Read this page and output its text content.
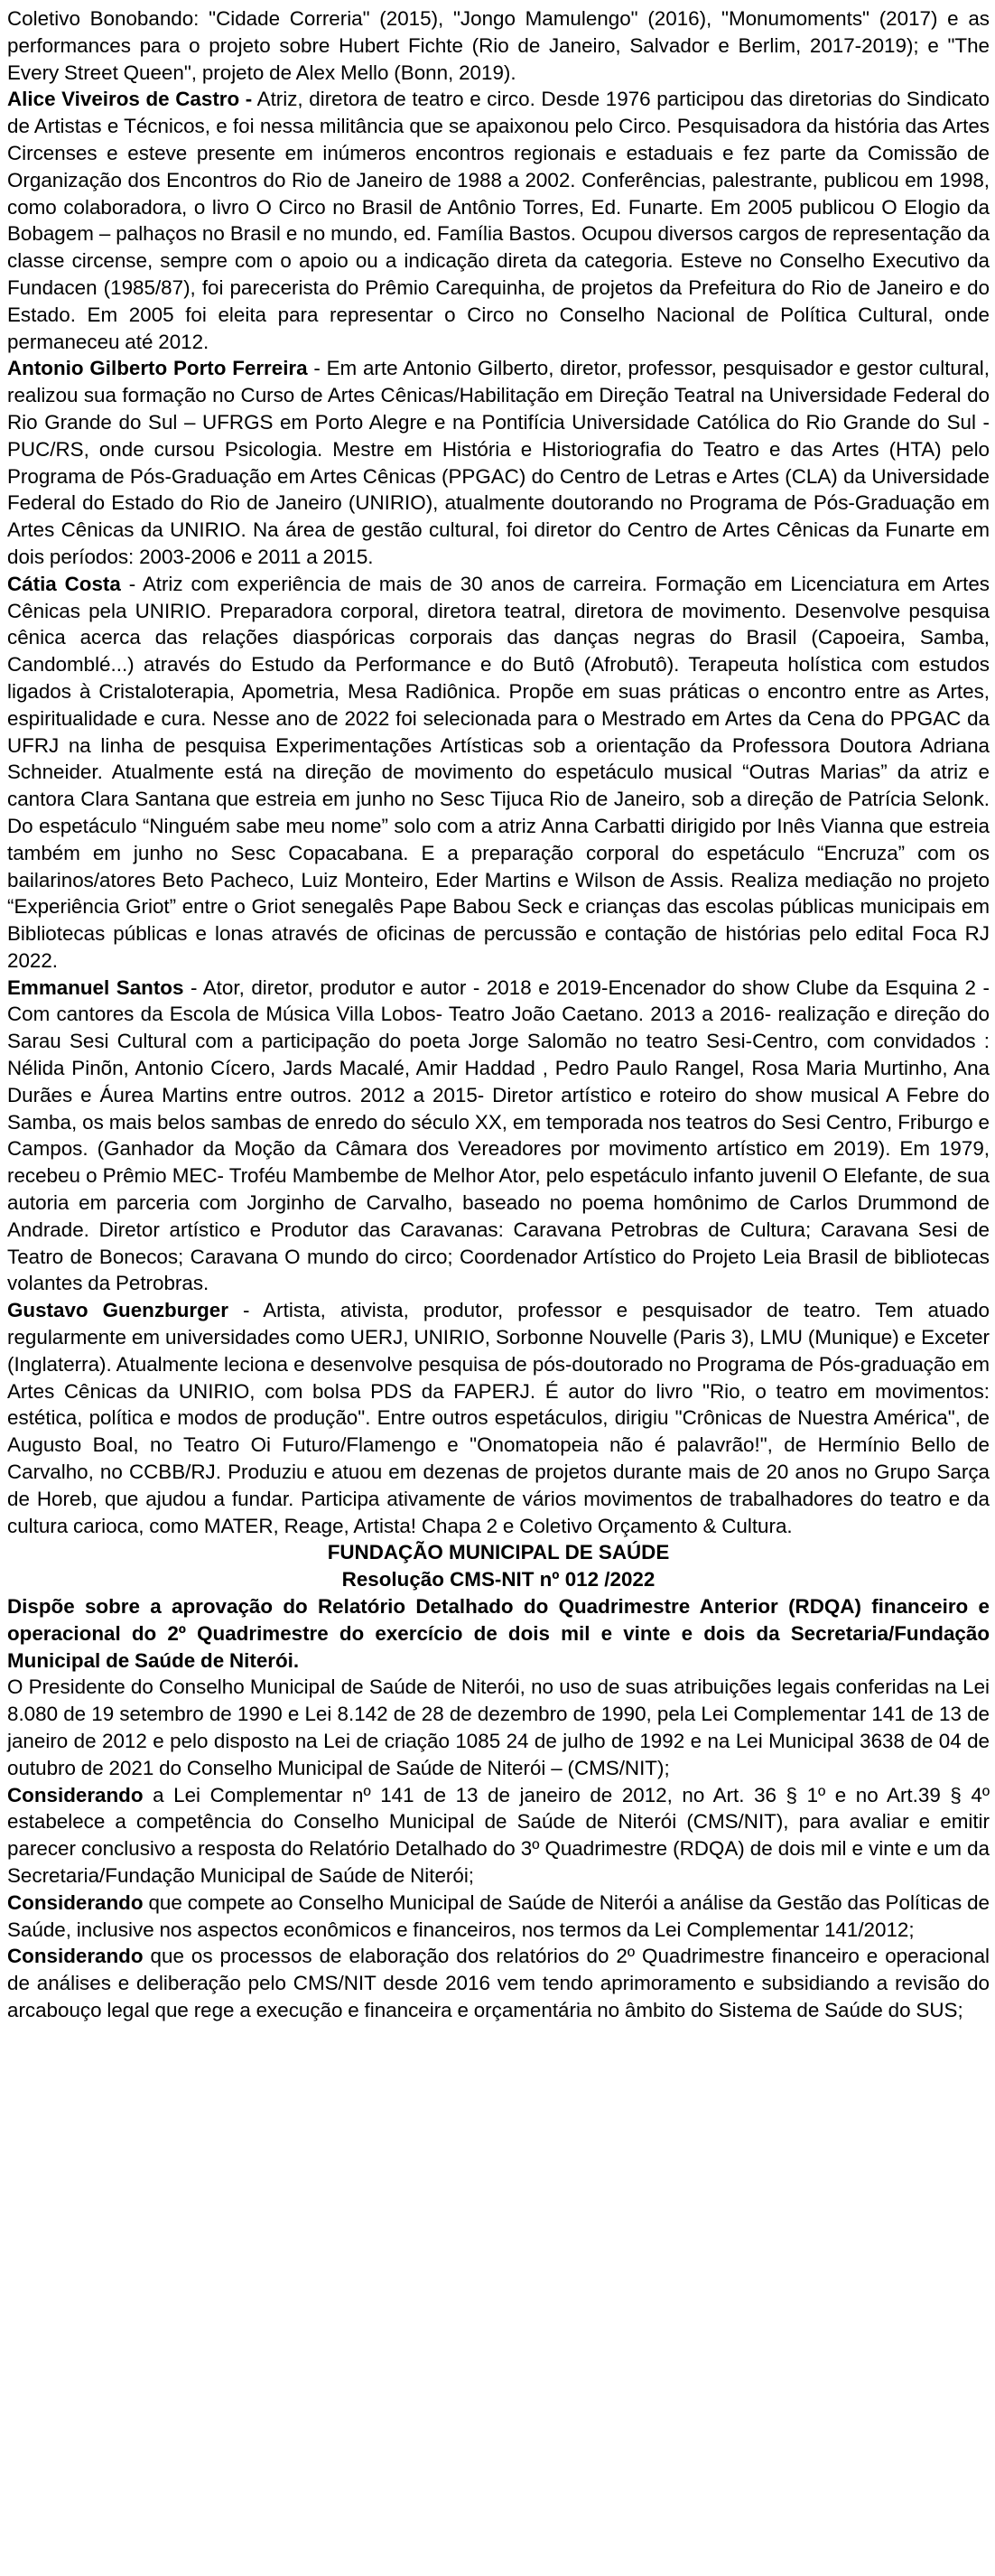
Coletivo Bonobando: "Cidade Correria" (2015), "Jongo Mamulengo" (2016), "Monumoments" (2017) e as performances para o projeto sobre Hubert Fichte (Rio de Janeiro, Salvador e Berlim, 2017-2019); e "The Every Street Queen", projeto de Alex Mello (Bonn, 2019).

Alice Viveiros de Castro - Atriz, diretora de teatro e circo. Desde 1976 participou das diretorias do Sindicato de Artistas e Técnicos, e foi nessa militância que se apaixonou pelo Circo. Pesquisadora da história das Artes Circenses e esteve presente em inúmeros encontros regionais e estaduais e fez parte da Comissão de Organização dos Encontros do Rio de Janeiro de 1988 a 2002. Conferências, palestrante, publicou em 1998, como colaboradora, o livro O Circo no Brasil de Antônio Torres, Ed. Funarte. Em 2005 publicou O Elogio da Bobagem – palhaços no Brasil e no mundo, ed. Família Bastos. Ocupou diversos cargos de representação da classe circense, sempre com o apoio ou a indicação direta da categoria. Esteve no Conselho Executivo da Fundacen (1985/87), foi parecerista do Prêmio Carequinha, de projetos da Prefeitura do Rio de Janeiro e do Estado. Em 2005 foi eleita para representar o Circo no Conselho Nacional de Política Cultural, onde permaneceu até 2012.

Antonio Gilberto Porto Ferreira - Em arte Antonio Gilberto, diretor, professor, pesquisador e gestor cultural, realizou sua formação no Curso de Artes Cênicas/Habilitação em Direção Teatral na Universidade Federal do Rio Grande do Sul – UFRGS em Porto Alegre e na Pontifícia Universidade Católica do Rio Grande do Sul - PUC/RS, onde cursou Psicologia. Mestre em História e Historiografia do Teatro e das Artes (HTA) pelo Programa de Pós-Graduação em Artes Cênicas (PPGAC) do Centro de Letras e Artes (CLA) da Universidade Federal do Estado do Rio de Janeiro (UNIRIO), atualmente doutorando no Programa de Pós-Graduação em Artes Cênicas da UNIRIO. Na área de gestão cultural, foi diretor do Centro de Artes Cênicas da Funarte em dois períodos: 2003-2006 e 2011 a 2015.

Cátia Costa - Atriz com experiência de mais de 30 anos de carreira. Formação em Licenciatura em Artes Cênicas pela UNIRIO. Preparadora corporal, diretora teatral, diretora de movimento. Desenvolve pesquisa cênica acerca das relações diaspóricas corporais das danças negras do Brasil (Capoeira, Samba, Candomblé...) através do Estudo da Performance e do Butô (Afrobutô). Terapeuta holística com estudos ligados à Cristaloterapia, Apometria, Mesa Radiônica. Propõe em suas práticas o encontro entre as Artes, espiritualidade e cura. Nesse ano de 2022 foi selecionada para o Mestrado em Artes da Cena do PPGAC da UFRJ na linha de pesquisa Experimentações Artísticas sob a orientação da Professora Doutora Adriana Schneider. Atualmente está na direção de movimento do espetáculo musical “Outras Marias” da atriz e cantora Clara Santana que estreia em junho no Sesc Tijuca Rio de Janeiro, sob a direção de Patrícia Selonk. Do espetáculo “Ninguém sabe meu nome” solo com a atriz Anna Carbatti dirigido por Inês Vianna que estreia também em junho no Sesc Copacabana. E a preparação corporal do espetáculo “Encruza” com os bailarinos/atores Beto Pacheco, Luiz Monteiro, Eder Martins e Wilson de Assis. Realiza mediação no projeto “Experiência Griot” entre o Griot senegalês Pape Babou Seck e crianças das escolas públicas municipais em Bibliotecas públicas e lonas através de oficinas de percussão e contação de histórias pelo edital Foca RJ 2022.

Emmanuel Santos - Ator, diretor, produtor e autor - 2018 e 2019-Encenador do show Clube da Esquina 2 - Com cantores da Escola de Música Villa Lobos- Teatro João Caetano. 2013 a 2016- realização e direção do Sarau Sesi Cultural com a participação do poeta Jorge Salomão no teatro Sesi-Centro, com convidados : Nélida Pinõn, Antonio Cícero, Jards Macalé, Amir Haddad , Pedro Paulo Rangel, Rosa Maria Murtinho, Ana Durães e Áurea Martins entre outros. 2012 a 2015- Diretor artístico e roteiro do show musical A Febre do Samba, os mais belos sambas de enredo do século XX, em temporada nos teatros do Sesi Centro, Friburgo e Campos. (Ganhador da Moção da Câmara dos Vereadores por movimento artístico em 2019). Em 1979, recebeu o Prêmio MEC- Troféu Mambembe de Melhor Ator, pelo espetáculo infanto juvenil O Elefante, de sua autoria em parceria com Jorginho de Carvalho, baseado no poema homônimo de Carlos Drummond de Andrade. Diretor artístico e Produtor das Caravanas: Caravana Petrobras de Cultura; Caravana Sesi de Teatro de Bonecos; Caravana O mundo do circo; Coordenador Artístico do Projeto Leia Brasil de bibliotecas volantes da Petrobras.

Gustavo Guenzburger - Artista, ativista, produtor, professor e pesquisador de teatro. Tem atuado regularmente em universidades como UERJ, UNIRIO, Sorbonne Nouvelle (Paris 3), LMU (Munique) e Exceter (Inglaterra). Atualmente leciona e desenvolve pesquisa de pós-doutorado no Programa de Pós-graduação em Artes Cênicas da UNIRIO, com bolsa PDS da FAPERJ. É autor do livro "Rio, o teatro em movimentos: estética, política e modos de produção". Entre outros espetáculos, dirigiu "Crônicas de Nuestra América", de Augusto Boal, no Teatro Oi Futuro/Flamengo e "Onomatopeia não é palavrão!", de Hermínio Bello de Carvalho, no CCBB/RJ. Produziu e atuou em dezenas de projetos durante mais de 20 anos no Grupo Sarça de Horeb, que ajudou a fundar. Participa ativamente de vários movimentos de trabalhadores do teatro e da cultura carioca, como MATER, Reage, Artista! Chapa 2 e Coletivo Orçamento & Cultura.

FUNDAÇÃO MUNICIPAL DE SAÚDE

Resolução CMS-NIT nº 012 /2022

Dispõe sobre a aprovação do Relatório Detalhado do Quadrimestre Anterior (RDQA) financeiro e operacional do 2º Quadrimestre do exercício de dois mil e vinte e dois da Secretaria/Fundação Municipal de Saúde de Niterói.

O Presidente do Conselho Municipal de Saúde de Niterói, no uso de suas atribuições legais conferidas na Lei 8.080 de 19 setembro de 1990 e Lei 8.142 de 28 de dezembro de 1990, pela Lei Complementar 141 de 13 de janeiro de 2012 e pelo disposto na Lei de criação 1085 24 de julho de 1992 e na Lei Municipal 3638 de 04 de outubro de 2021 do Conselho Municipal de Saúde de Niterói – (CMS/NIT);

Considerando a Lei Complementar nº 141 de 13 de janeiro de 2012, no Art. 36 § 1º e no Art.39 § 4º estabelece a competência do Conselho Municipal de Saúde de Niterói (CMS/NIT), para avaliar e emitir parecer conclusivo a resposta do Relatório Detalhado do 3º Quadrimestre (RDQA) de dois mil e vinte e um da Secretaria/Fundação Municipal de Saúde de Niterói;

Considerando que compete ao Conselho Municipal de Saúde de Niterói a análise da Gestão das Políticas de Saúde, inclusive nos aspectos econômicos e financeiros, nos termos da Lei Complementar 141/2012;

Considerando que os processos de elaboração dos relatórios do 2º Quadrimestre financeiro e operacional de análises e deliberação pelo CMS/NIT desde 2016 vem tendo aprimoramento e subsidiando a revisão do arcabouço legal que rege a execução e financeira e orçamentária no âmbito do Sistema de Saúde do SUS;
